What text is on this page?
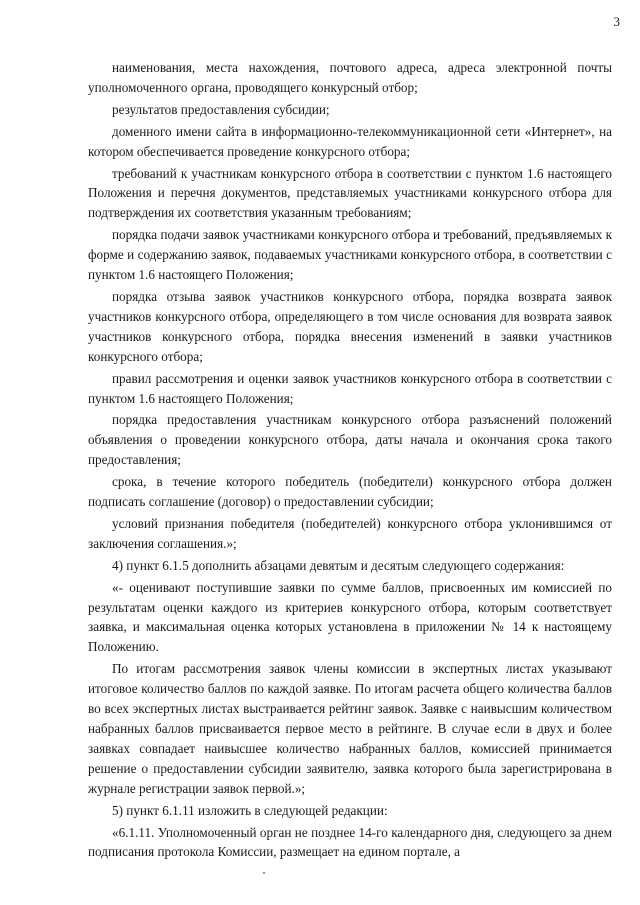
3

наименования, места нахождения, почтового адреса, адреса электронной почты уполномоченного органа, проводящего конкурсный отбор;

результатов предоставления субсидии;

доменного имени сайта в информационно-телекоммуникационной сети «Интернет», на котором обеспечивается проведение конкурсного отбора;

требований к участникам конкурсного отбора в соответствии с пунктом 1.6 настоящего Положения и перечня документов, представляемых участниками конкурсного отбора для подтверждения их соответствия указанным требованиям;

порядка подачи заявок участниками конкурсного отбора и требований, предъявляемых к форме и содержанию заявок, подаваемых участниками конкурсного отбора, в соответствии с пунктом 1.6 настоящего Положения;

порядка отзыва заявок участников конкурсного отбора, порядка возврата заявок участников конкурсного отбора, определяющего в том числе основания для возврата заявок участников конкурсного отбора, порядка внесения изменений в заявки участников конкурсного отбора;

правил рассмотрения и оценки заявок участников конкурсного отбора в соответствии с пунктом 1.6 настоящего Положения;

порядка предоставления участникам конкурсного отбора разъяснений положений объявления о проведении конкурсного отбора, даты начала и окончания срока такого предоставления;

срока, в течение которого победитель (победители) конкурсного отбора должен подписать соглашение (договор) о предоставлении субсидии;

условий признания победителя (победителей) конкурсного отбора уклонившимся от заключения соглашения.»;

4) пункт 6.1.5 дополнить абзацами девятым и десятым следующего содержания:

«- оценивают поступившие заявки по сумме баллов, присвоенных им комиссией по результатам оценки каждого из критериев конкурсного отбора, которым соответствует заявка, и максимальная оценка которых установлена в приложении № 14 к настоящему Положению.

По итогам рассмотрения заявок члены комиссии в экспертных листах указывают итоговое количество баллов по каждой заявке. По итогам расчета общего количества баллов во всех экспертных листах выстраивается рейтинг заявок. Заявке с наивысшим количеством набранных баллов присваивается первое место в рейтинге. В случае если в двух и более заявках совпадает наивысшее количество набранных баллов, комиссией принимается решение о предоставлении субсидии заявителю, заявка которого была зарегистрирована в журнале регистрации заявок первой.»;

5) пункт 6.1.11 изложить в следующей редакции:

«6.1.11. Уполномоченный орган не позднее 14-го календарного дня, следующего за днем подписания протокола Комиссии, размещает на едином портале, а
